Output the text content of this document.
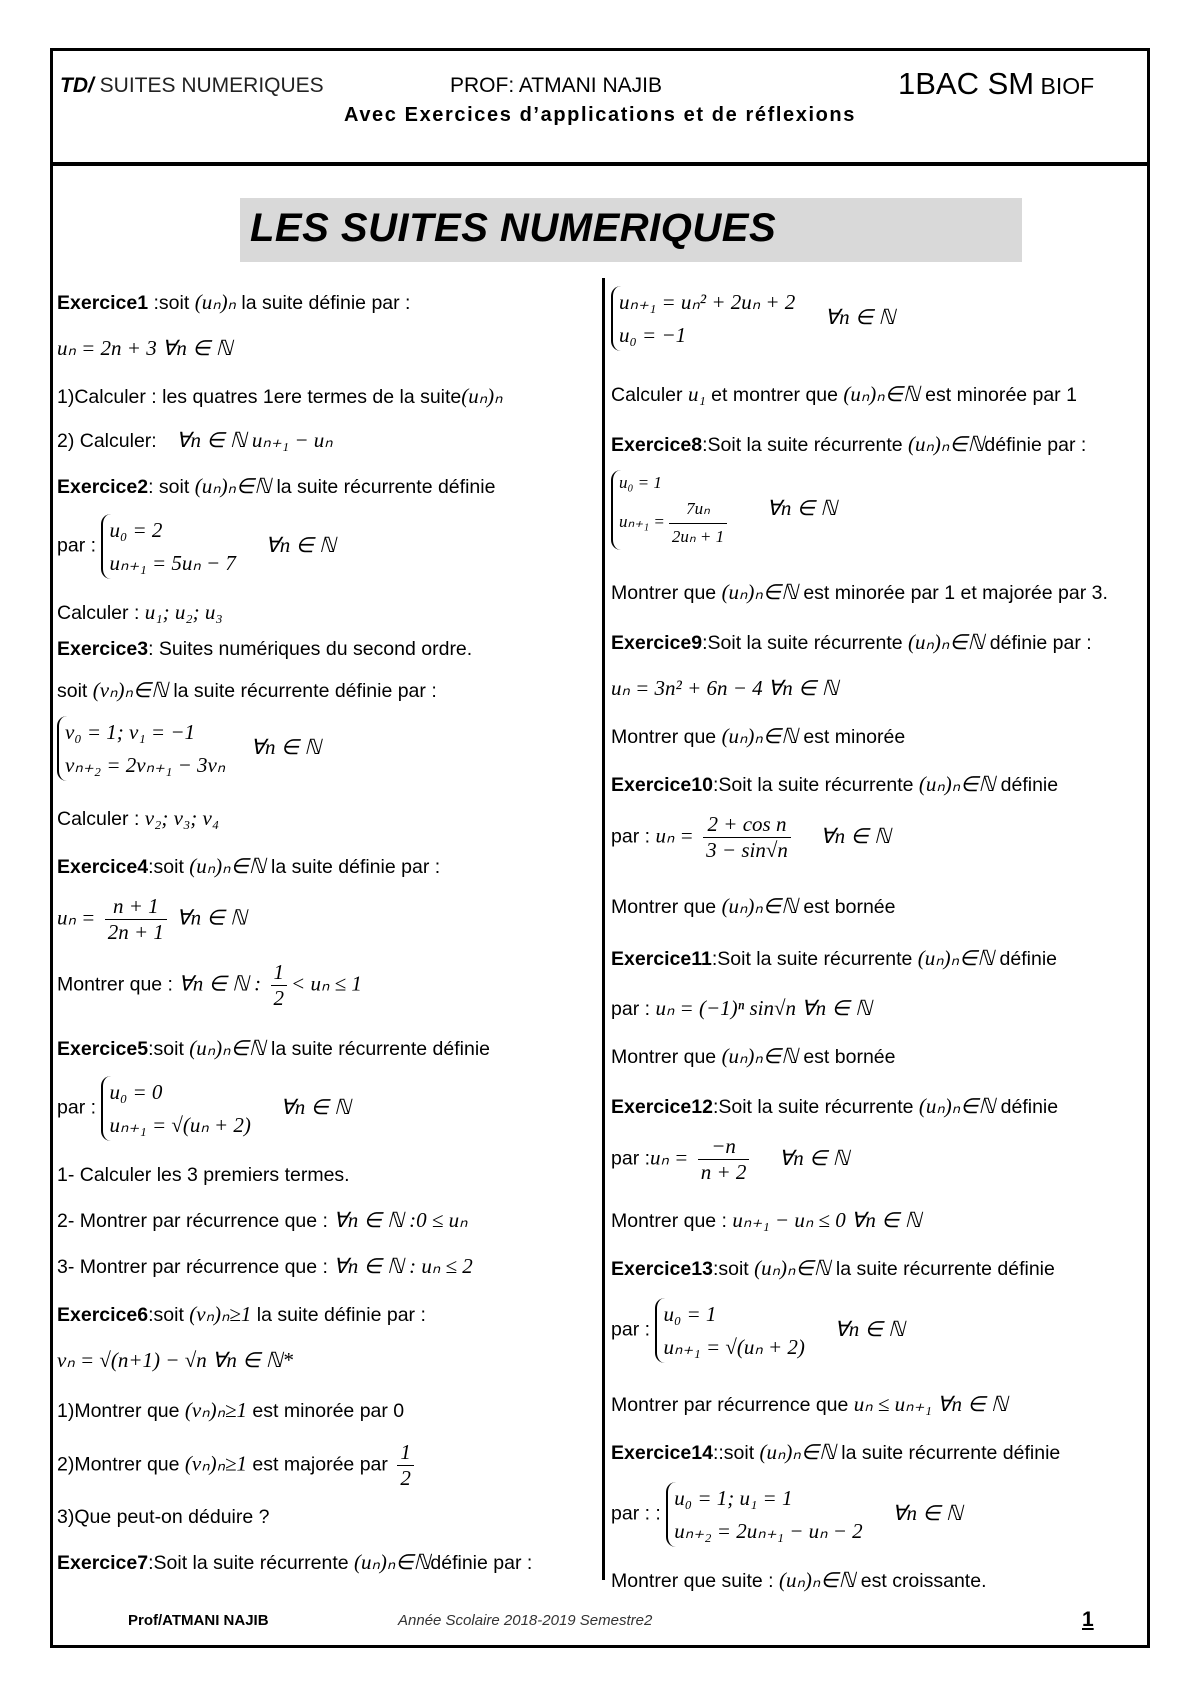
TD/ SUITES NUMERIQUES	PROF: ATMANI NAJIB	1BAC SM BIOF
Avec Exercices d’applications et de réflexions
LES SUITES NUMERIQUES
Exercice1 :soit (uₙ)ₙ la suite définie par :
uₙ = 2n + 3 ∀n ∈ ℕ
1)Calculer : les quatres 1ere termes de la suite(uₙ)ₙ
2) Calculer: ∀n ∈ ℕ uₙ₊₁ − uₙ
Exercice2: soit (uₙ)ₙ∈ℕ la suite récurrente définie
par :
u₀ = 2
uₙ₊₁ = 5uₙ − 7
∀n ∈ ℕ
Calculer : u₁; u₂; u₃
Exercice3: Suites numériques du second ordre.
soit (vₙ)ₙ∈ℕ la suite récurrente définie par :
v₀ = 1; v₁ = −1
vₙ₊₂ = 2vₙ₊₁ − 3vₙ
∀n ∈ ℕ
Calculer : v₂; v₃; v₄
Exercice4:soit (uₙ)ₙ∈ℕ la suite définie par :
$u_n = \frac{n + 1}{2n + 1}$ ∀n ∈ ℕ
Montrer que : ∀n ∈ ℕ : $\frac{1}{2} < u_n \le 1$
Exercice5:soit (uₙ)ₙ∈ℕ la suite récurrente définie
par :
u₀ = 0
uₙ₊₁ = √(uₙ + 2)
∀n ∈ ℕ
1- Calculer les 3 premiers termes.
2- Montrer par récurrence que : ∀n ∈ ℕ :0 ≤ uₙ
3- Montrer par récurrence que : ∀n ∈ ℕ : uₙ ≤ 2
Exercice6:soit (vₙ)ₙ≥1 la suite définie par :
vₙ = √(n+1) − √n ∀n ∈ ℕ*
1)Montrer que (vₙ)ₙ≥1 est minorée par 0
2)Montrer que (vₙ)ₙ≥1 est majorée par $\frac{1}{2}$
3)Que peut-on déduire ?
Exercice7:Soit la suite récurrente (uₙ)ₙ∈ℕdéfinie par :
uₙ₊₁ = uₙ² + 2uₙ + 2
u₀ = −1
∀n ∈ ℕ
Calculer u₁ et montrer que (uₙ)ₙ∈ℕ est minorée par 1
Exercice8:Soit la suite récurrente (uₙ)ₙ∈ℕdéfinie par :
u₀ = 1
$u_{n+1} = \frac{\text{7uₙ}}{\text{2uₙ + 1}}$ ∀n ∈ ℕ
Montrer que (uₙ)ₙ∈ℕ est minorée par 1 et majorée par 3.
Exercice9:Soit la suite récurrente (uₙ)ₙ∈ℕ définie par :
uₙ = 3n² + 6n − 4 ∀n ∈ ℕ
Montrer que (uₙ)ₙ∈ℕ est minorée
Exercice10:Soit la suite récurrente (uₙ)ₙ∈ℕ définie
par : $u_n = \frac{\text{2 + cos n}}{3 - \sin√n}$ ∀n ∈ ℕ
Montrer que (uₙ)ₙ∈ℕ est bornée
Exercice11:Soit la suite récurrente (uₙ)ₙ∈ℕ définie
par : uₙ = (−1)ⁿ sin√n ∀n ∈ ℕ
Montrer que (uₙ)ₙ∈ℕ est bornée
Exercice12:Soit la suite récurrente (uₙ)ₙ∈ℕ définie
par :uₙ = $\frac{-n}{n + 2}$ ∀n ∈ ℕ
Montrer que : uₙ₊₁ − uₙ ≤ 0 ∀n ∈ ℕ
Exercice13:soit (uₙ)ₙ∈ℕ la suite récurrente définie
par :
u₀ = 1
uₙ₊₁ = √(uₙ + 2)
∀n ∈ ℕ
Montrer par récurrence que uₙ ≤ uₙ₊₁ ∀n ∈ ℕ
Exercice14::soit (uₙ)ₙ∈ℕ la suite récurrente définie
par : :
u₀ = 1; u₁ = 1
uₙ₊₂ = 2uₙ₊₁ − uₙ − 2
∀n ∈ ℕ
Montrer que suite : (uₙ)ₙ∈ℕ est croissante.
Prof/ATMANI NAJIB	Année Scolaire 2018-2019 Semestre2	1
